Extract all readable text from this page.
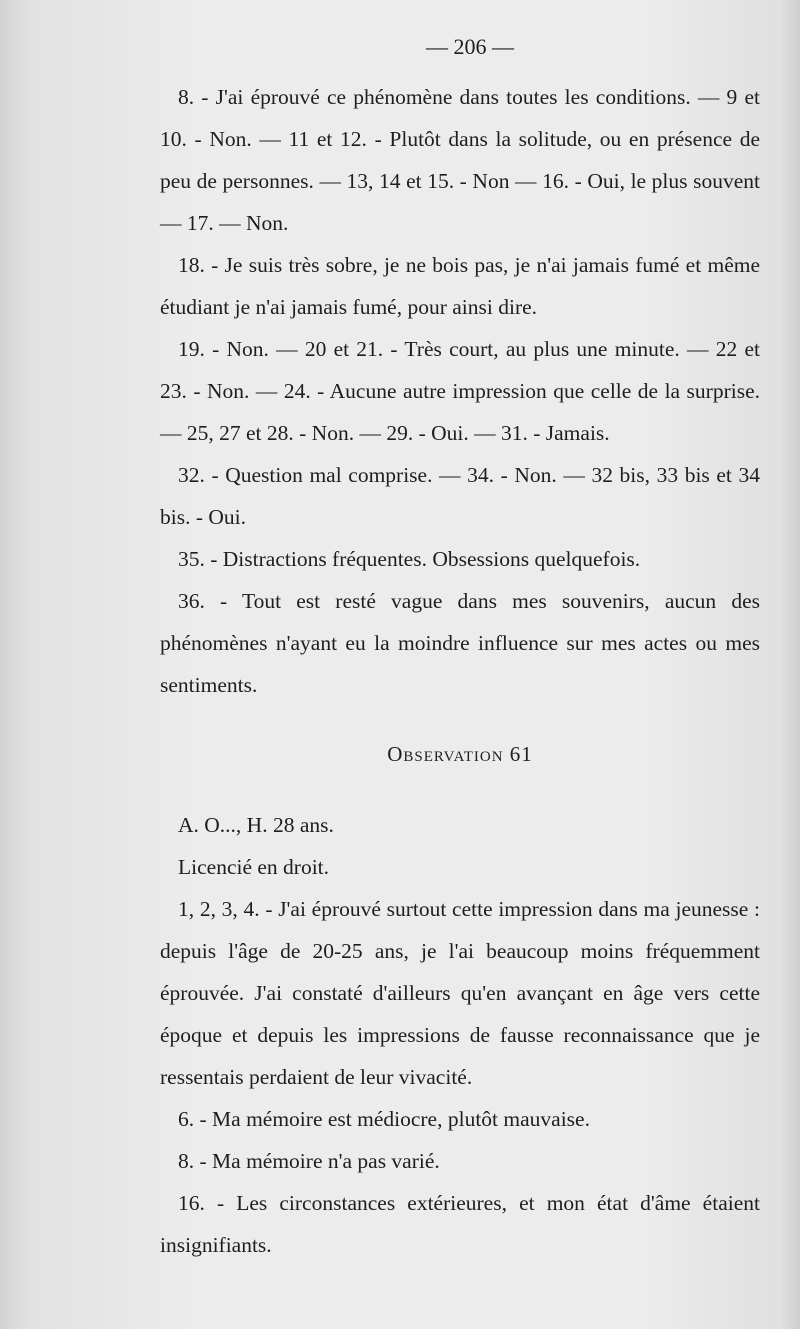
— 206 —

8. - J'ai éprouvé ce phénomène dans toutes les conditions. — 9 et 10. - Non. — 11 et 12. - Plutôt dans la solitude, ou en présence de peu de personnes. — 13, 14 et 15. - Non — 16. - Oui, le plus souvent — 17. — Non.

18. - Je suis très sobre, je ne bois pas, je n'ai jamais fumé et même étudiant je n'ai jamais fumé, pour ainsi dire.

19. - Non. — 20 et 21. - Très court, au plus une minute. — 22 et 23. - Non. — 24. - Aucune autre impression que celle de la surprise. — 25, 27 et 28. - Non. — 29. - Oui. — 31. - Jamais.

32. - Question mal comprise. — 34. - Non. — 32 bis, 33 bis et 34 bis. - Oui.

35. - Distractions fréquentes. Obsessions quelquefois.

36. - Tout est resté vague dans mes souvenirs, aucun des phénomènes n'ayant eu la moindre influence sur mes actes ou mes sentiments.

Observation 61

A. O..., H. 28 ans.

Licencié en droit.

1, 2, 3, 4. - J'ai éprouvé surtout cette impression dans ma jeunesse : depuis l'âge de 20-25 ans, je l'ai beaucoup moins fréquemment éprouvée. J'ai constaté d'ailleurs qu'en avançant en âge vers cette époque et depuis les impressions de fausse reconnaissance que je ressentais perdaient de leur vivacité.

6. - Ma mémoire est médiocre, plutôt mauvaise.

8. - Ma mémoire n'a pas varié.

16. - Les circonstances extérieures, et mon état d'âme étaient insignifiants.
